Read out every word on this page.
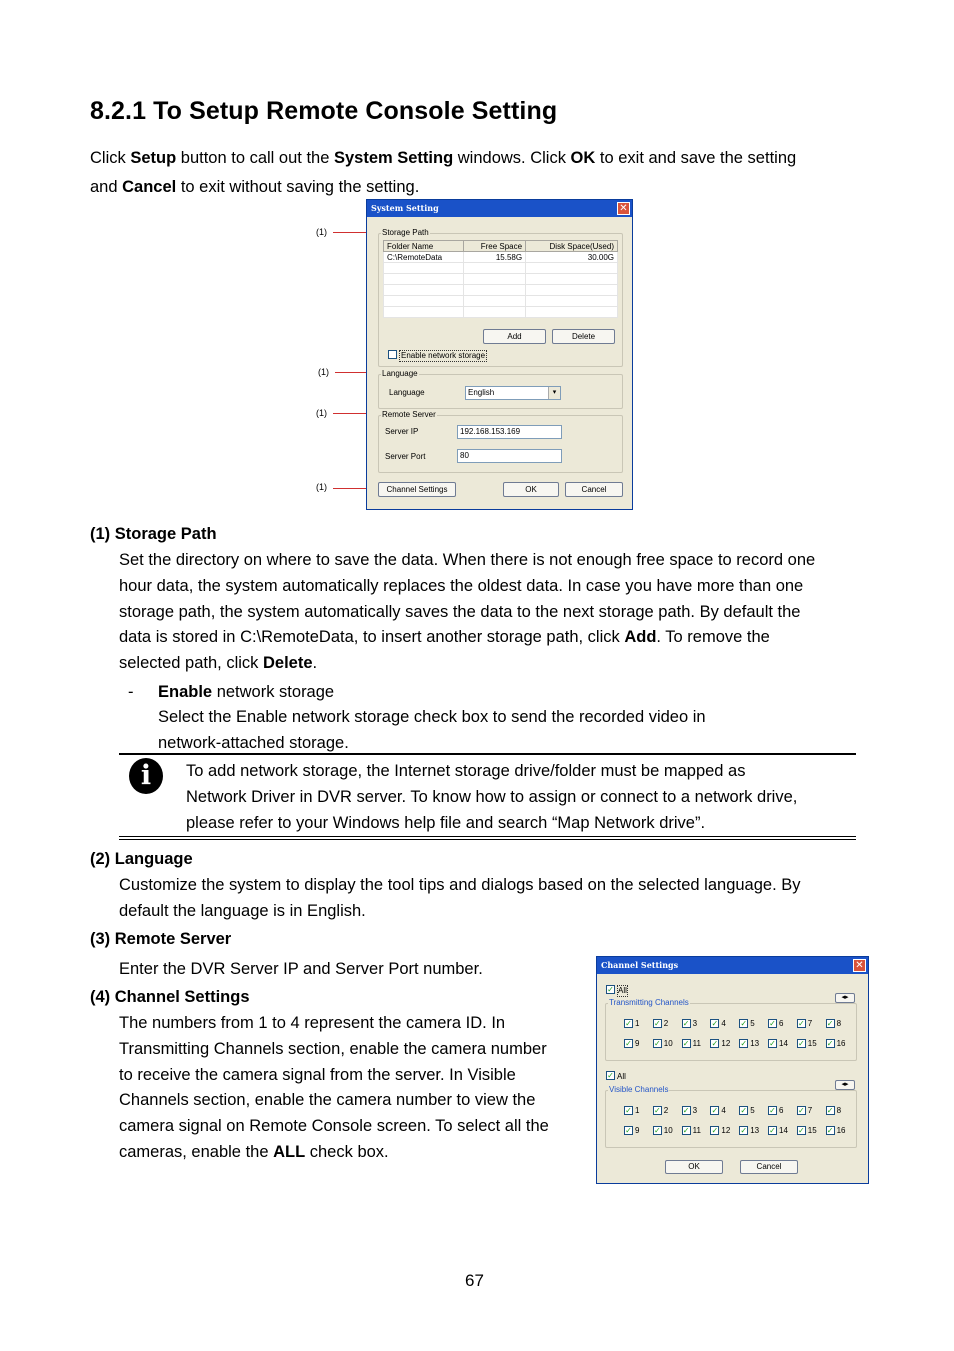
8.2.1 To Setup Remote Console Setting
Click Setup button to call out the System Setting windows. Click OK to exit and save the setting
and Cancel to exit without saving the setting.
(1)
(1)
(1)
(1)
System Setting	✕
Storage Path
Folder Name	Free Space	Disk Space(Used)
C:\RemoteData	15.58G	30.00G

Add	Delete
Enable network storage
Language
Language	English	▾
Remote Server
Server IP	192.168.153.169
Server Port	80
Channel Settings	OK	Cancel
(1) Storage Path
Set the directory on where to save the data. When there is not enough free space to record one
hour data, the system automatically replaces the oldest data. In case you have more than one
storage path, the system automatically saves the data to the next storage path. By default the
data is stored in C:\RemoteData, to insert another storage path, click Add. To remove the
selected path, click Delete.
- Enable network storage
Select the Enable network storage check box to send the recorded video in
network-attached storage.
i	To add network storage, the Internet storage drive/folder must be mapped as
Network Driver in DVR server. To know how to assign or connect to a network drive,
please refer to your Windows help file and search “Map Network drive”.
(2) Language
Customize the system to display the tool tips and dialogs based on the selected language. By
default the language is in English.
(3) Remote Server
Enter the DVR Server IP and Server Port number.
(4) Channel Settings
The numbers from 1 to 4 represent the camera ID. In
Transmitting Channels section, enable the camera number
to receive the camera signal from the server. In Visible
Channels section, enable the camera number to view the
camera signal on Remote Console screen. To select all the
cameras, enable the ALL check box.
Channel Settings	✕
✓ All
◂▸
Transmitting Channels
✓ 1 ✓ 2 ✓ 3 ✓ 4 ✓ 5 ✓ 6 ✓ 7 ✓ 8
✓ 9 ✓ 10 ✓ 11 ✓ 12 ✓ 13 ✓ 14 ✓ 15 ✓ 16
✓ All
◂▸
Visible Channels
✓ 1 ✓ 2 ✓ 3 ✓ 4 ✓ 5 ✓ 6 ✓ 7 ✓ 8
✓ 9 ✓ 10 ✓ 11 ✓ 12 ✓ 13 ✓ 14 ✓ 15 ✓ 16
OK	Cancel
67
